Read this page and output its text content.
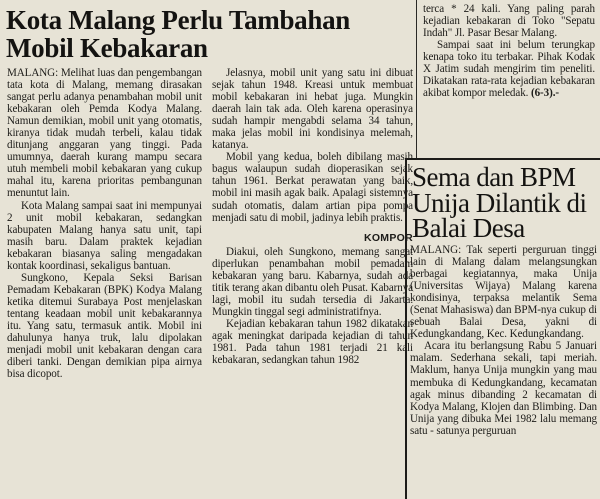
Kota Malang Perlu Tambahan Mobil Kebakaran

MALANG: Melihat luas dan pengembangan tata kota di Malang, memang dirasakan sangat perlu adanya penambahan mobil unit kebakaran oleh Pemda Kodya Malang. Namun demikian, mobil unit yang otomatis, kiranya tidak mudah terbeli, kalau tidak ditunjang anggaran yang tinggi. Pada umumnya, daerah kurang mampu secara utuh membeli mobil kebakaran yang cukup mahal itu, karena prioritas pembangunan menuntut lain.

Kota Malang sampai saat ini mempunyai 2 unit mobil kebakaran, sedangkan kabupaten Malang hanya satu unit, tapi masih baru. Dalam praktek kejadian kebakaran biasanya saling mengadakan kontak koordinasi, sekaligus bantuan.

Sungkono, Kepala Seksi Barisan Pemadam Kebakaran (BPK) Kodya Malang ketika ditemui Surabaya Post menjelaskan tentang keadaan mobil unit kebakarannya itu. Yang satu, termasuk antik. Mobil ini dahulunya hanya truk, lalu dipolakan menjadi mobil unit kebakaran dengan cara diberi tanki. Dengan demikian pipa airnya bisa dicopot.

Jelasnya, mobil unit yang satu ini dibuat sejak tahun 1948. Kreasi untuk membuat mobil kebakaran ini hebat juga. Mungkin daerah lain tak ada. Oleh karena operasinya sudah hampir mengabdi selama 34 tahun, maka jelas mobil ini kondisinya melemah, katanya.

Mobil yang kedua, boleh dibilang masih bagus walaupun sudah dioperasikan sejak tahun 1961. Berkat perawatan yang baik, mobil ini masih agak baik. Apalagi sistemnya sudah otomatis, dalam artian pipa pompa menjadi satu di mobil, jadinya lebih praktis.

KOMPOR

Diakui, oleh Sungkono, memang sangat diperlukan penambahan mobil pemadam kebakaran yang baru. Kabarnya, sudah ada titik terang akan dibantu oleh Pusat. Kabarnya lagi, mobil itu sudah tersedia di Jakarta. Mungkin tinggal segi administratifnya.

Kejadian kebakaran tahun 1982 dikatakan agak meningkat daripada kejadian di tahun 1981. Pada tahun 1981 terjadi 21 kali kebakaran, sedangkan tahun 1982

terca * 24 kali. Yang paling parah kejadian kebakaran di Toko "Sepatu Indah" Jl. Pasar Besar Malang.

Sampai saat ini belum terungkap kenapa toko itu terbakar. Pihak Kodak X Jatim sudah mengirim tim peneliti. Dikatakan rata-rata kejadian kebakaran akibat kompor meledak. (6-3).-

Sema dan BPM Unija Dilantik di Balai Desa

MALANG: Tak seperti perguruan tinggi lain di Malang dalam melangsungkan berbagai kegiatannya, maka Unija (Universitas Wijaya) Malang karena kondisinya, terpaksa melantik Sema (Senat Mahasiswa) dan BPM-nya cukup di sebuah Balai Desa, yakni di Kedungkandang, Kec. Kedungkandang.

Acara itu berlangsung Rabu 5 Januari malam. Sederhana sekali, tapi meriah. Maklum, hanya Unija mungkin yang mau membuka di Kedungkandang, kecamatan agak minus dibanding 2 kecamatan di Kodya Malang, Klojen dan Blimbing. Dan Unija yang dibuka Mei 1982 lalu memang satu - satunya perguruan
